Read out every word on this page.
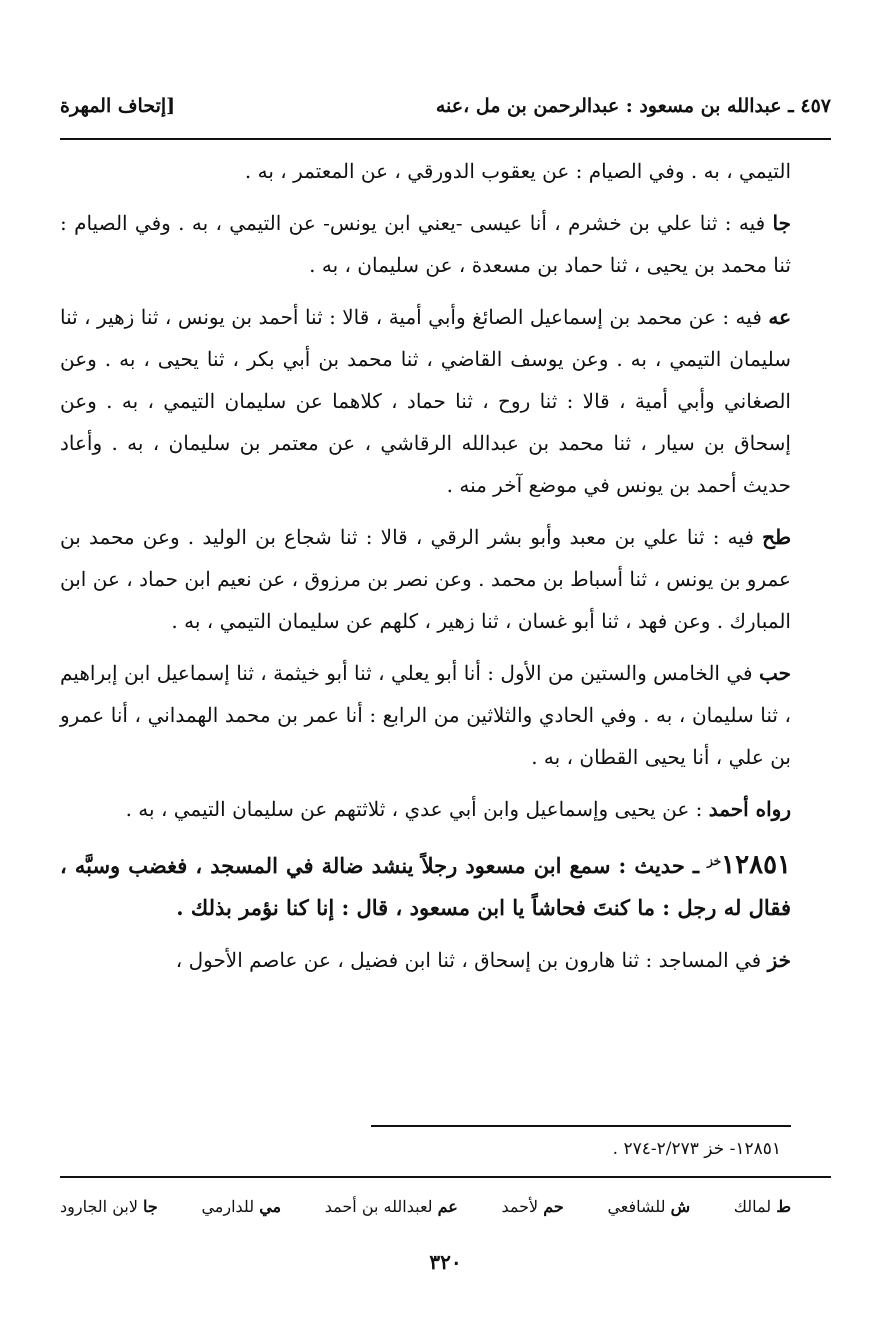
٤٥٧ ـ عبدالله بن مسعود : عبدالرحمن بن مل ،عنه
[إتحاف المهرة

التيمي ، به . وفي الصيام : عن يعقوب الدورقي ، عن المعتمر ، به .

جا فيه : ثنا علي بن خشرم ، أنا عيسى -يعني ابن يونس- عن التيمي ، به . وفي الصيام : ثنا محمد بن يحيى ، ثنا حماد بن مسعدة ، عن سليمان ، به .

عه فيه : عن محمد بن إسماعيل الصائغ وأبي أمية ، قالا : ثنا أحمد بن يونس ، ثنا زهير ، ثنا سليمان التيمي ، به . وعن يوسف القاضي ، ثنا محمد بن أبي بكر ، ثنا يحيى ، به . وعن الصغاني وأبي أمية ، قالا : ثنا روح ، ثنا حماد ، كلاهما عن سليمان التيمي ، به . وعن إسحاق بن سيار ، ثنا محمد بن عبدالله الرقاشي ، عن معتمر بن سليمان ، به . وأعاد حديث أحمد بن يونس في موضع آخر منه .

طح فيه : ثنا علي بن معبد وأبو بشر الرقي ، قالا : ثنا شجاع بن الوليد . وعن محمد بن عمرو بن يونس ، ثنا أسباط بن محمد . وعن نصر بن مرزوق ، عن نعيم ابن حماد ، عن ابن المبارك . وعن فهد ، ثنا أبو غسان ، ثنا زهير ، كلهم عن سليمان التيمي ، به .

حب في الخامس والستين من الأول : أنا أبو يعلي ، ثنا أبو خيثمة ، ثنا إسماعيل ابن إبراهيم ، ثنا سليمان ، به . وفي الحادي والثلاثين من الرابع : أنا عمر بن محمد الهمداني ، أنا عمرو بن علي ، أنا يحيى القطان ، به .

رواه أحمد : عن يحيى وإسماعيل وابن أبي عدي ، ثلاثتهم عن سليمان التيمي ، به .

$١٢٨٥١^{خز}$ ـ حديث : سمع ابن مسعود رجلاً ينشد ضالة في المسجد ، فغضب وسبَّه ، فقال له رجل : ما كنتَ فحاشاً يا ابن مسعود ، قال : إنا كنا نؤمر بذلك .

خز في المساجد : ثنا هارون بن إسحاق ، ثنا ابن فضيل ، عن عاصم الأحول ،

١٢٨٥١- خز ٢/٢٧٣-٢٧٤ .
ط لمالك
ش للشافعي
حم لأحمد
عم لعبدالله بن أحمد
مي للدارمي
جا لابن الجارود
٣٢٠
